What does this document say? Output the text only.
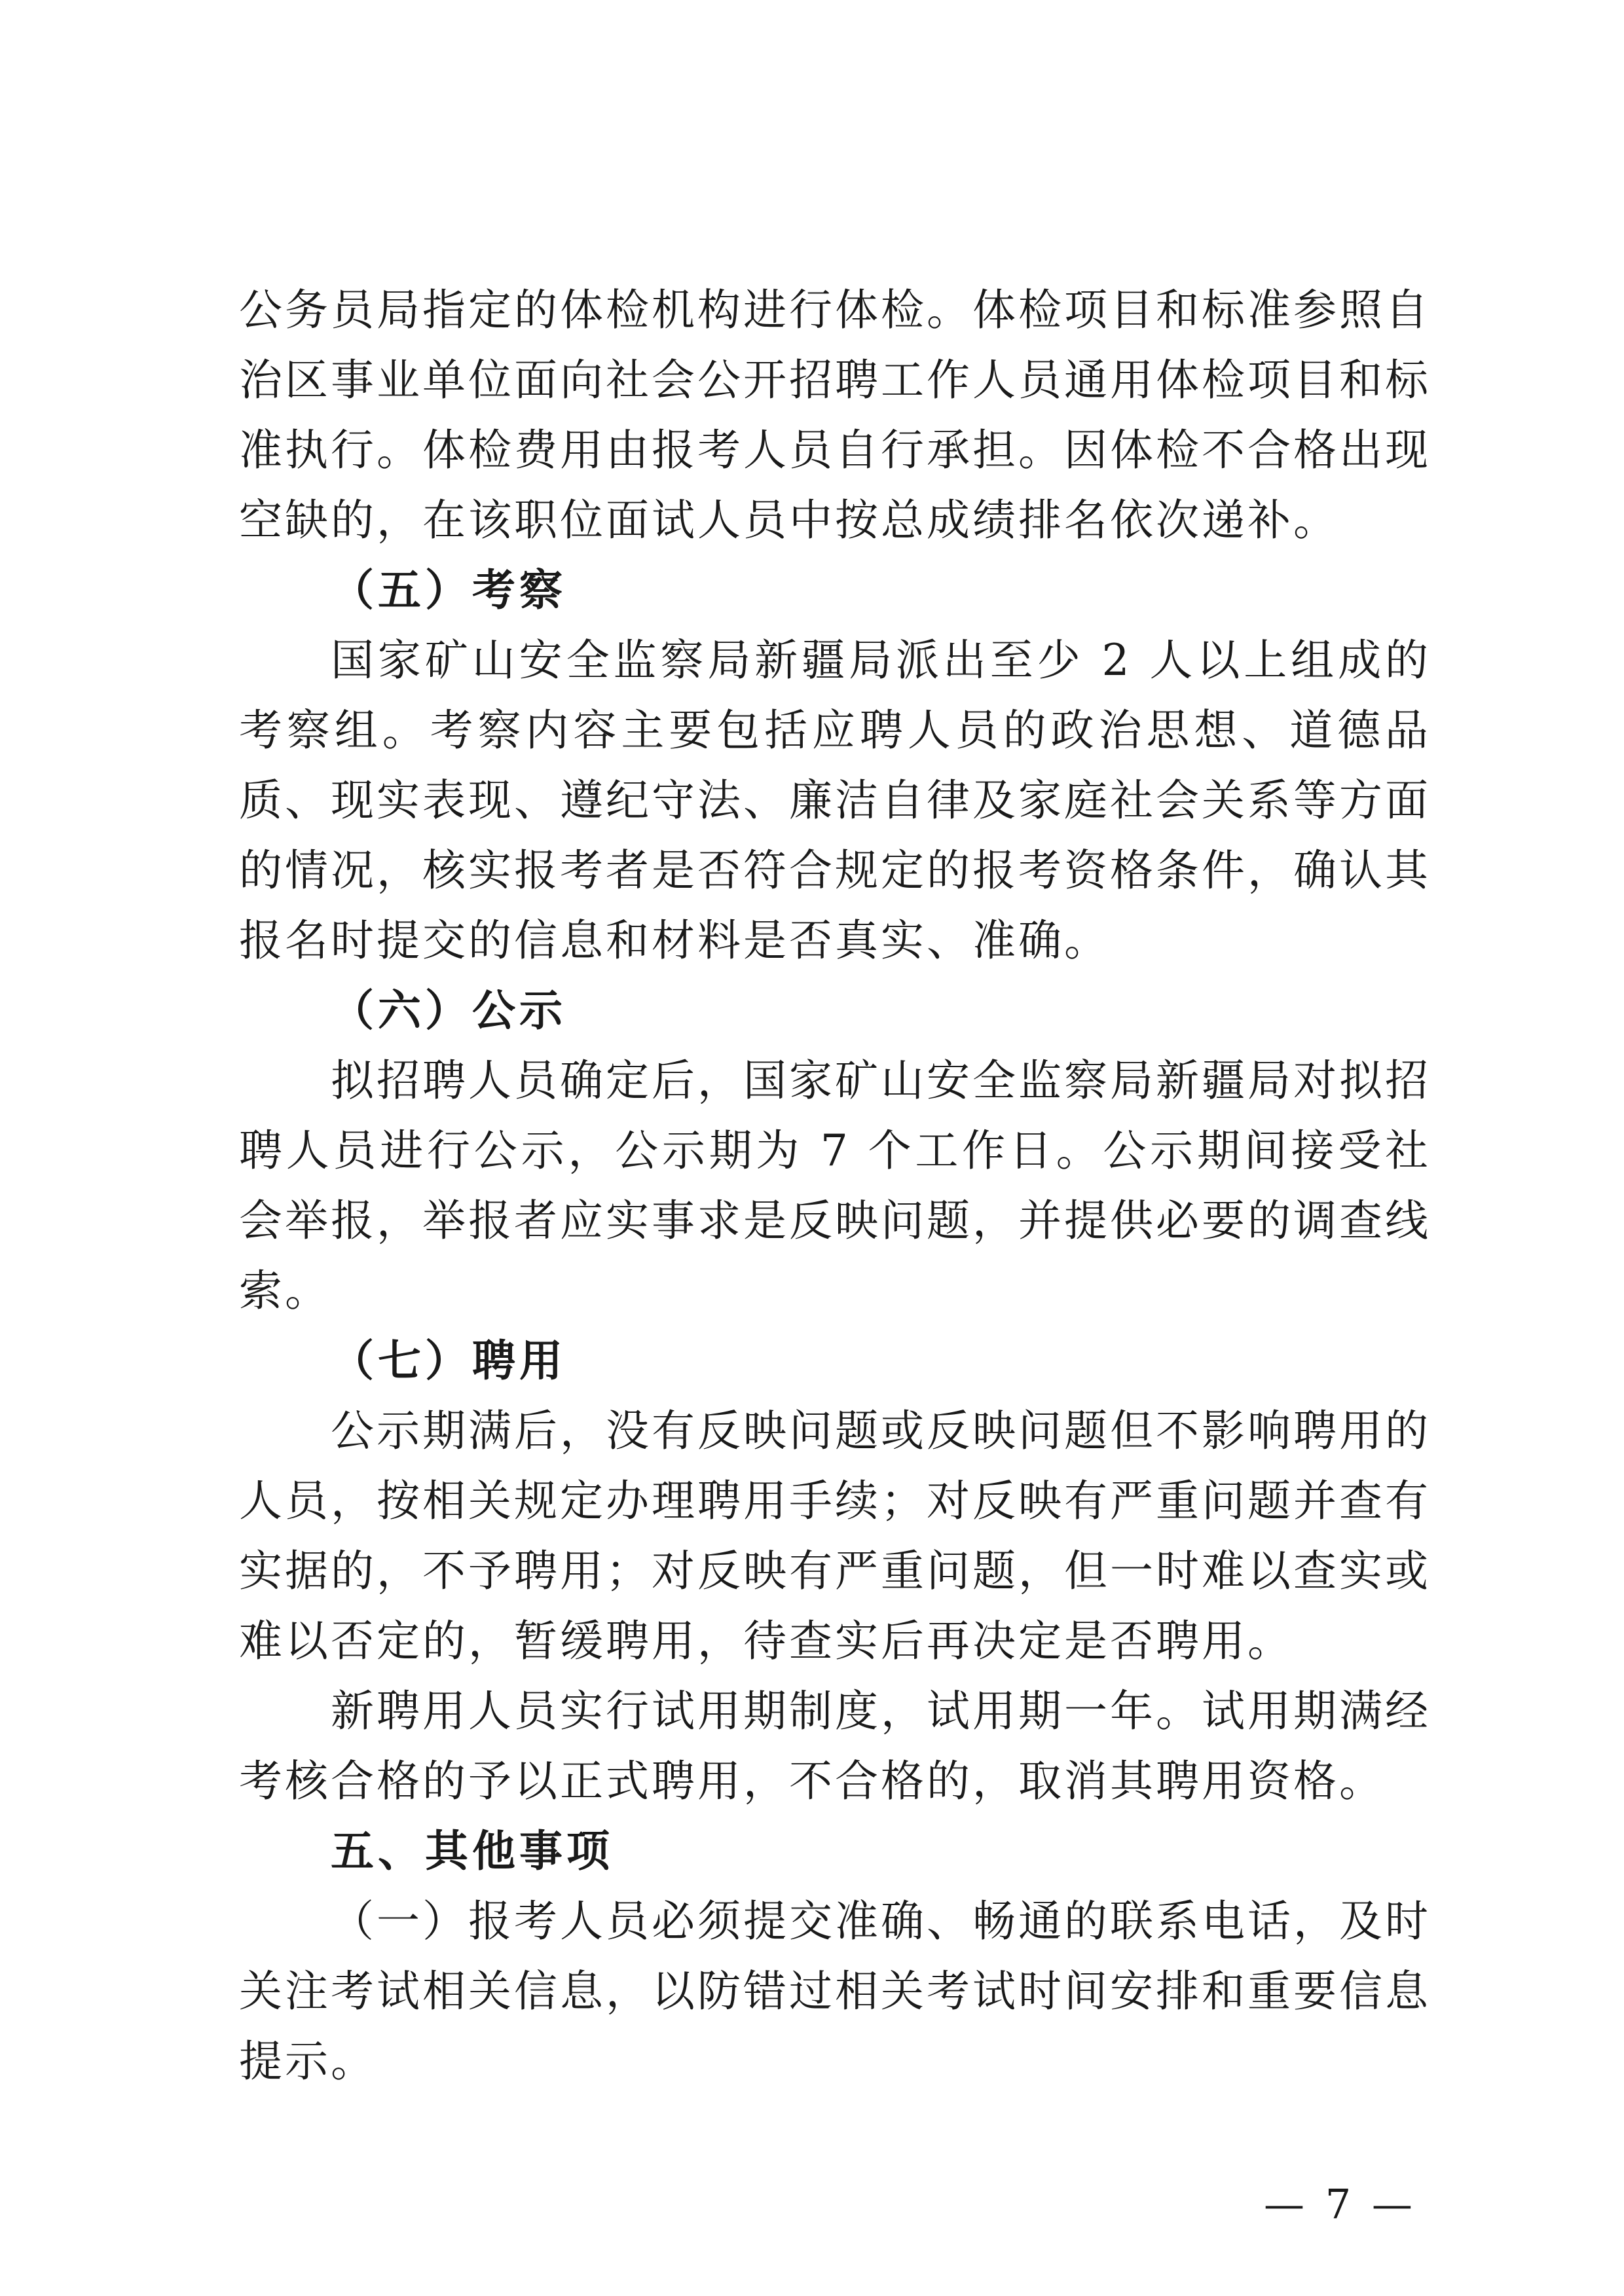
公务员局指定的体检机构进行体检。体检项目和标准参照自治区事业单位面向社会公开招聘工作人员通用体检项目和标准执行。体检费用由报考人员自行承担。因体检不合格出现空缺的，在该职位面试人员中按总成绩排名依次递补。

（五）考察

国家矿山安全监察局新疆局派出至少 2 人以上组成的考察组。考察内容主要包括应聘人员的政治思想、道德品质、现实表现、遵纪守法、廉洁自律及家庭社会关系等方面的情况，核实报考者是否符合规定的报考资格条件，确认其报名时提交的信息和材料是否真实、准确。

（六）公示

拟招聘人员确定后，国家矿山安全监察局新疆局对拟招聘人员进行公示，公示期为 7 个工作日。公示期间接受社会举报，举报者应实事求是反映问题，并提供必要的调查线索。

（七）聘用

公示期满后，没有反映问题或反映问题但不影响聘用的人员，按相关规定办理聘用手续；对反映有严重问题并查有实据的，不予聘用；对反映有严重问题，但一时难以查实或难以否定的，暂缓聘用，待查实后再决定是否聘用。

新聘用人员实行试用期制度，试用期一年。试用期满经考核合格的予以正式聘用，不合格的，取消其聘用资格。

五、其他事项

（一）报考人员必须提交准确、畅通的联系电话，及时关注考试相关信息，以防错过相关考试时间安排和重要信息提示。

— 7 —
